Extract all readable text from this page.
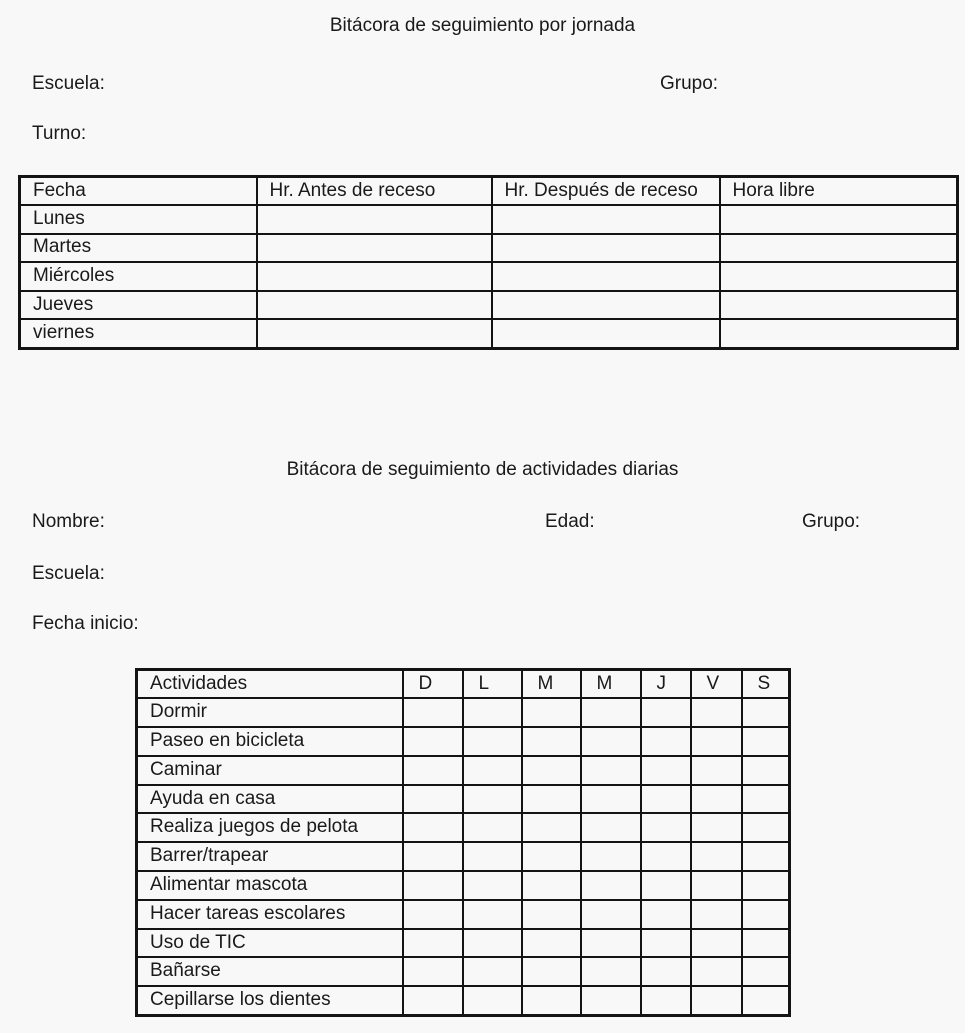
Bitácora de seguimiento por jornada
Escuela:	Grupo:
Turno:
Fecha	Hr. Antes de receso	Hr. Después de receso	Hora libre
Lunes			
Martes			
Miércoles			
Jueves			
viernes			
Bitácora de seguimiento de actividades diarias
Nombre:	Edad:	Grupo:
Escuela:
Fecha inicio:
Actividades	D	L	M	M	J	V	S
Dormir							
Paseo en bicicleta							
Caminar							
Ayuda en casa							
Realiza juegos de pelota							
Barrer/trapear							
Alimentar mascota							
Hacer tareas escolares							
Uso de TIC							
Bañarse							
Cepillarse los dientes							
